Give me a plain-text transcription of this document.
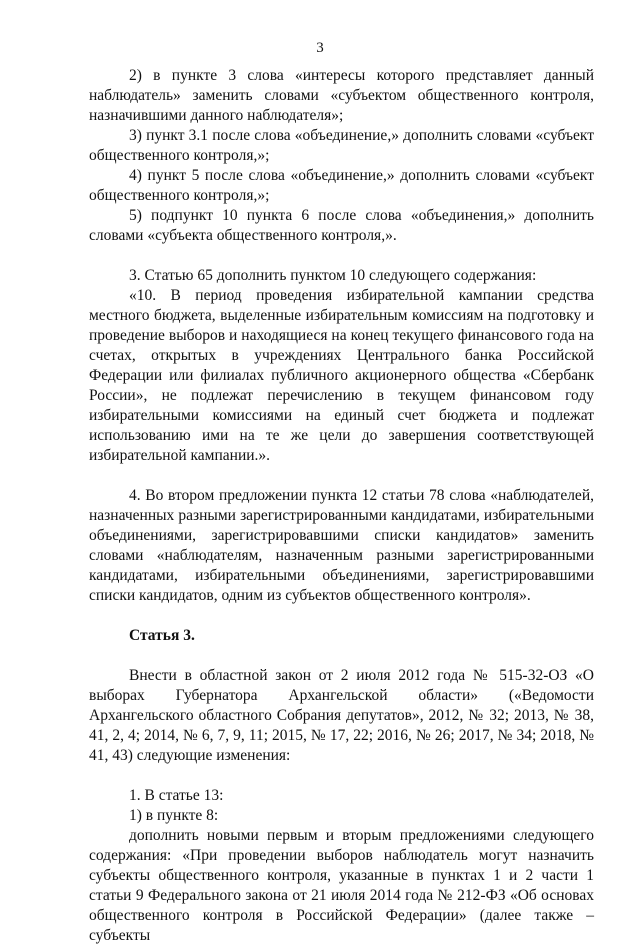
3

2) в пункте 3 слова «интересы которого представляет данный наблюдатель» заменить словами «субъектом общественного контроля, назначившими данного наблюдателя»;

3) пункт 3.1 после слова «объединение,» дополнить словами «субъект общественного контроля,»;

4) пункт 5 после слова «объединение,» дополнить словами «субъект общественного контроля,»;

5) подпункт 10 пункта 6 после слова «объединения,» дополнить словами «субъекта общественного контроля,».

3. Статью 65 дополнить пунктом 10 следующего содержания:

«10. В период проведения избирательной кампании средства местного бюджета, выделенные избирательным комиссиям на подготовку и проведение выборов и находящиеся на конец текущего финансового года на счетах, открытых в учреждениях Центрального банка Российской Федерации или филиалах публичного акционерного общества «Сбербанк России», не подлежат перечислению в текущем финансовом году избирательными комиссиями на единый счет бюджета и подлежат использованию ими на те же цели до завершения соответствующей избирательной кампании.».

4. Во втором предложении пункта 12 статьи 78 слова «наблюдателей, назначенных разными зарегистрированными кандидатами, избирательными объединениями, зарегистрировавшими списки кандидатов» заменить словами «наблюдателям, назначенным разными зарегистрированными кандидатами, избирательными объединениями, зарегистрировавшими списки кандидатов, одним из субъектов общественного контроля».

Статья 3.

Внести в областной закон от 2 июля 2012 года № 515-32-ОЗ «О выборах Губернатора Архангельской области» («Ведомости Архангельского областного Собрания депутатов», 2012, № 32; 2013, № 38, 41, 2, 4; 2014, № 6, 7, 9, 11; 2015, № 17, 22; 2016, № 26; 2017, № 34; 2018, № 41, 43) следующие изменения:

1. В статье 13:

1) в пункте 8:

дополнить новыми первым и вторым предложениями следующего содержания: «При проведении выборов наблюдатель могут назначить субъекты общественного контроля, указанные в пунктах 1 и 2 части 1 статьи 9 Федерального закона от 21 июля 2014 года № 212-ФЗ «Об основах общественного контроля в Российской Федерации» (далее также – субъекты
